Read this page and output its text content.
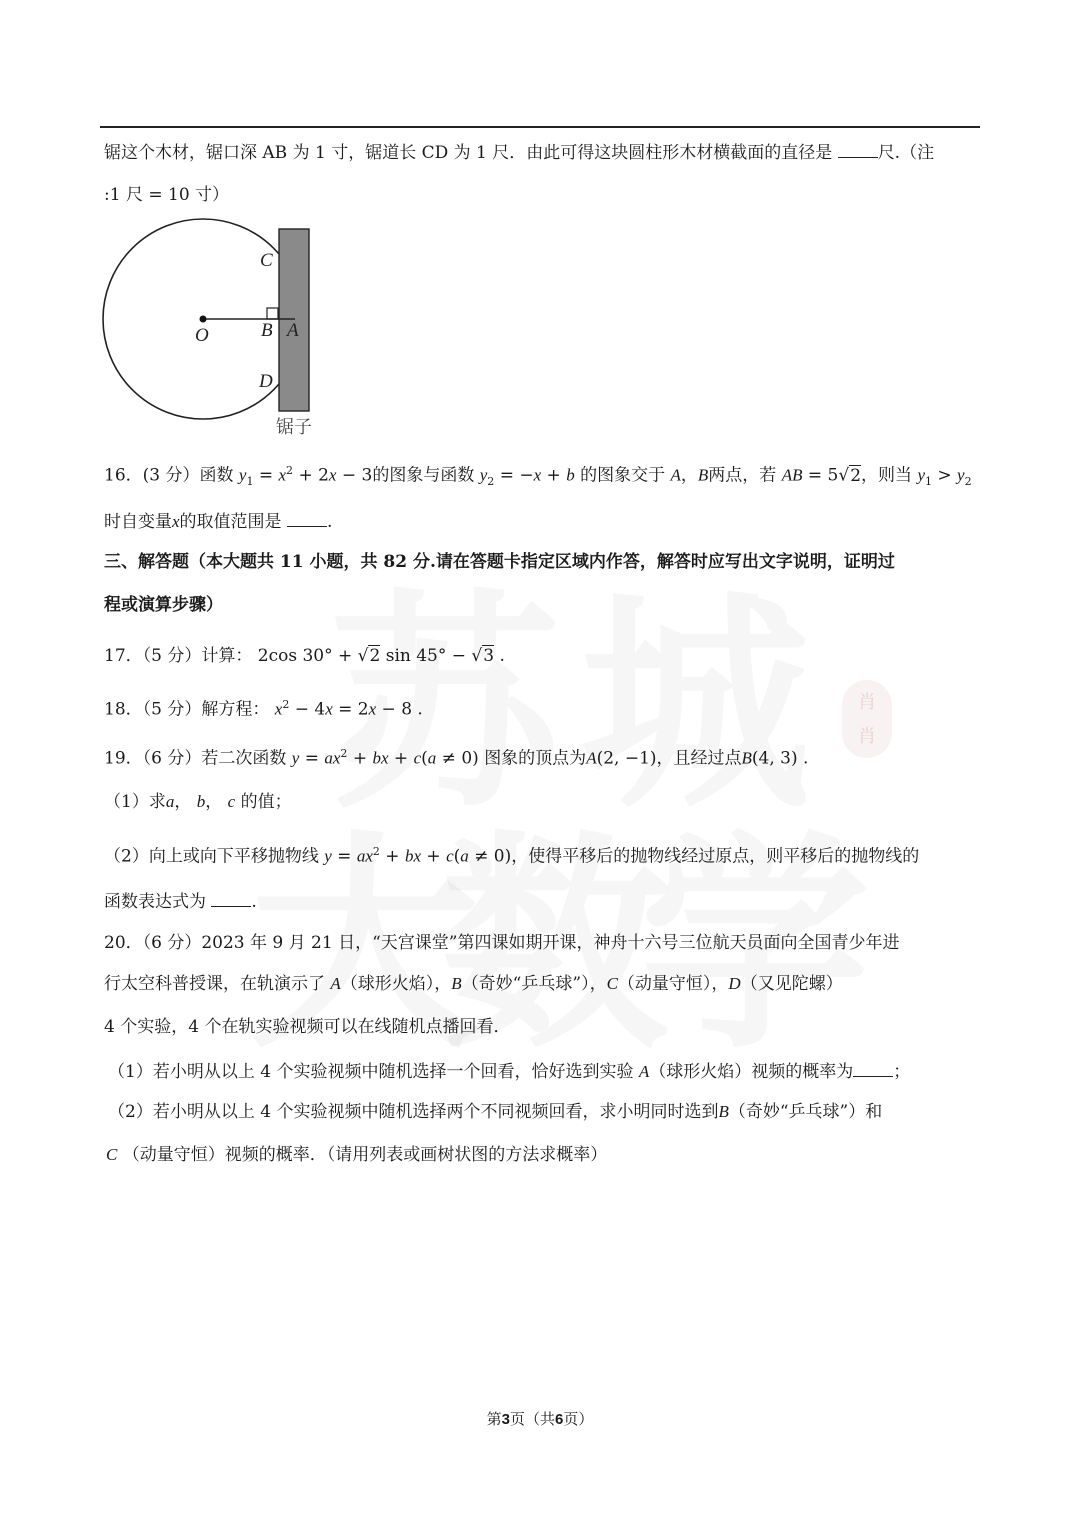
肖
肖
锯这个木材，锯口深 AB 为 1 寸，锯道长 CD 为 1 尺．由此可得这块圆柱形木材横截面的直径是	尺.（注
:1 尺 = 10 寸）
C
O	B A
D
锯子
16．(3 分）函数 $y_1 = x^2 + 2x - 3$的图象与函数 $y_2 = -x + b$ 的图象交于 A，B两点，若 AB = 5√2，则当 $y_1 > y_2$
时自变量x的取值范围是	.
三、解答题（本大题共 11 小题，共 82 分.请在答题卡指定区域内作答，解答时应写出文字说明，证明过
程或演算步骤）
17．（5 分）计算： 2cos 30° + √2 sin 45° − √3 .
18．（5 分）解方程： $x^2 - 4x = 2x - 8$ .
19．（6 分）若二次函数 $y = ax^2$ + bx + c(a ≠ 0) 图象的顶点为A(2, −1)，且经过点B(4, 3) .
（1）求a， b， c 的值；
（2）向上或向下平移抛物线 $y = ax^2$ + bx + c(a ≠ 0)，使得平移后的抛物线经过原点，则平移后的抛物线的
函数表达式为	.
20．（6 分）2023 年 9 月 21 日，“天宫课堂”第四课如期开课，神舟十六号三位航天员面向全国青少年进
行太空科普授课，在轨演示了 A（球形火焰），B（奇妙“乒乓球”），C（动量守恒），D（又见陀螺）
4 个实验，4 个在轨实验视频可以在线随机点播回看．
（1）若小明从以上 4 个实验视频中随机选择一个回看，恰好选到实验 A（球形火焰）视频的概率为 ；
（2）若小明从以上 4 个实验视频中随机选择两个不同视频回看，求小明同时选到B（奇妙“乒乓球”）和
C （动量守恒）视频的概率．（请用列表或画树状图的方法求概率）
第3页（共6页）
